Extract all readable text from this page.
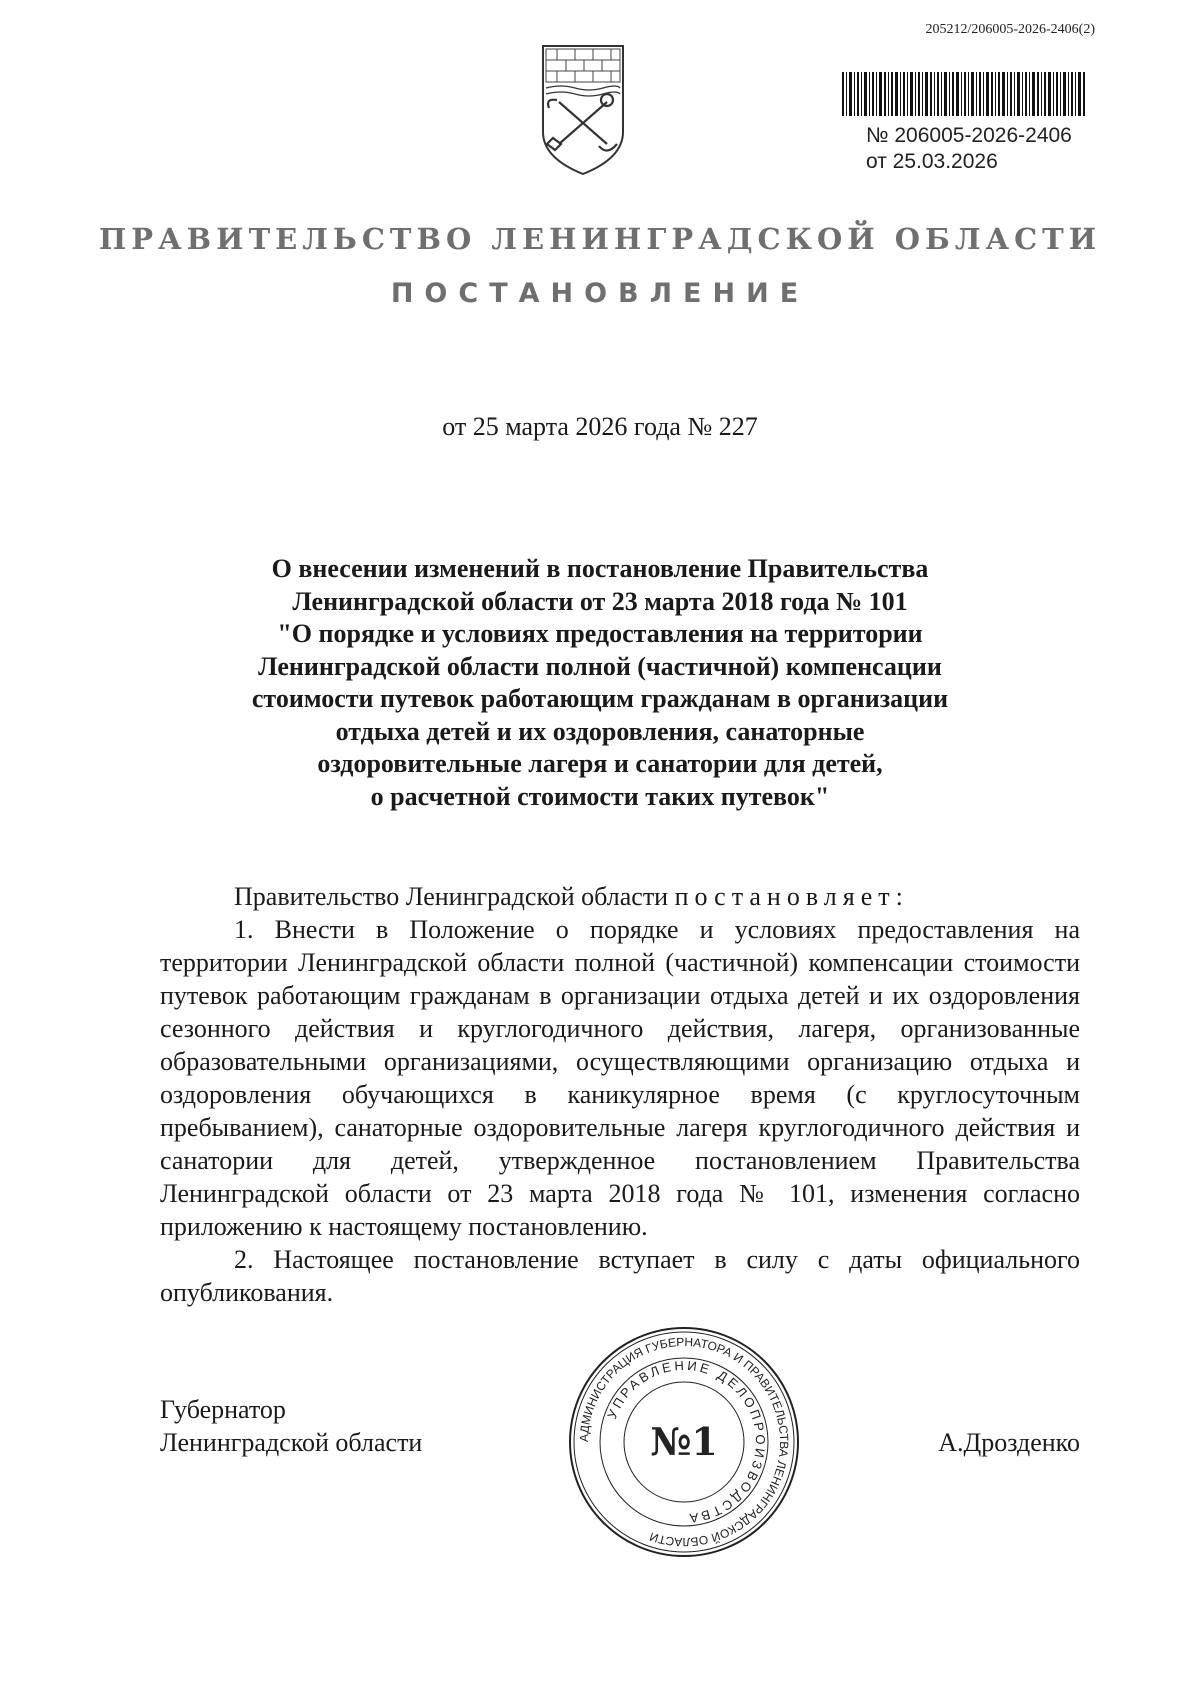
205212/206005-2026-2406(2)
№ 206005-2026-2406
от 25.03.2026
ПРАВИТЕЛЬСТВО ЛЕНИНГРАДСКОЙ ОБЛАСТИ
ПОСТАНОВЛЕНИЕ
от 25 марта 2026 года № 227
О внесении изменений в постановление Правительства
Ленинградской области от 23 марта 2018 года № 101
"О порядке и условиях предоставления на территории
Ленинградской области полной (частичной) компенсации
стоимости путевок работающим гражданам в организации
отдыха детей и их оздоровления, санаторные
оздоровительные лагеря и санатории для детей,
о расчетной стоимости таких путевок"

Правительство Ленинградской области постановляет:

1. Внести в Положение о порядке и условиях предоставления на территории Ленинградской области полной (частичной) компенсации стоимости путевок работающим гражданам в организации отдыха детей и их оздоровления сезонного действия и круглогодичного действия, лагеря, организованные образовательными организациями, осуществляющими организацию отдыха и оздоровления обучающихся в каникулярное время (с круглосуточным пребыванием), санаторные оздоровительные лагеря круглогодичного действия и санатории для детей, утвержденное постановлением Правительства Ленинградской области от 23 марта 2018 года № 101, изменения согласно приложению к настоящему постановлению.

2. Настоящее постановление вступает в силу с даты официального опубликования.

Губернатор
Ленинградской области	А.Дрозденко
АДМИНИСТРАЦИЯ ГУБЕРНАТОРА И ПРАВИТЕЛЬСТВА ЛЕНИНГРАДСКОЙ ОБЛАСТИ
УПРАВЛЕНИЕ ДЕЛОПРОИЗВОДСТВА
№1
